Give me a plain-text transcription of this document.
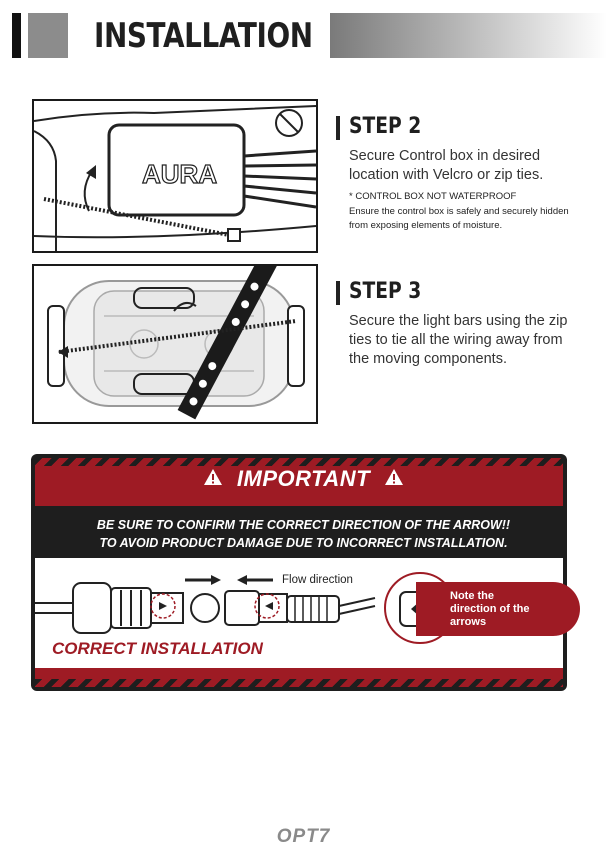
INSTALLATION
AURA
STEP 2
Secure Control box in desired location with Velcro or zip ties.
* CONTROL BOX NOT WATERPROOF
Ensure the control box is safely and securely hidden from exposing elements of moisture.
STEP 3
Secure the light bars using the zip ties to tie all the wiring away from the moving components.
IMPORTANT
BE SURE TO CONFIRM THE CORRECT DIRECTION OF THE ARROW!!
TO AVOID PRODUCT DAMAGE DUE TO INCORRECT INSTALLATION.
Note the direction of the arrows
Flow direction
CORRECT INSTALLATION
OPT7
